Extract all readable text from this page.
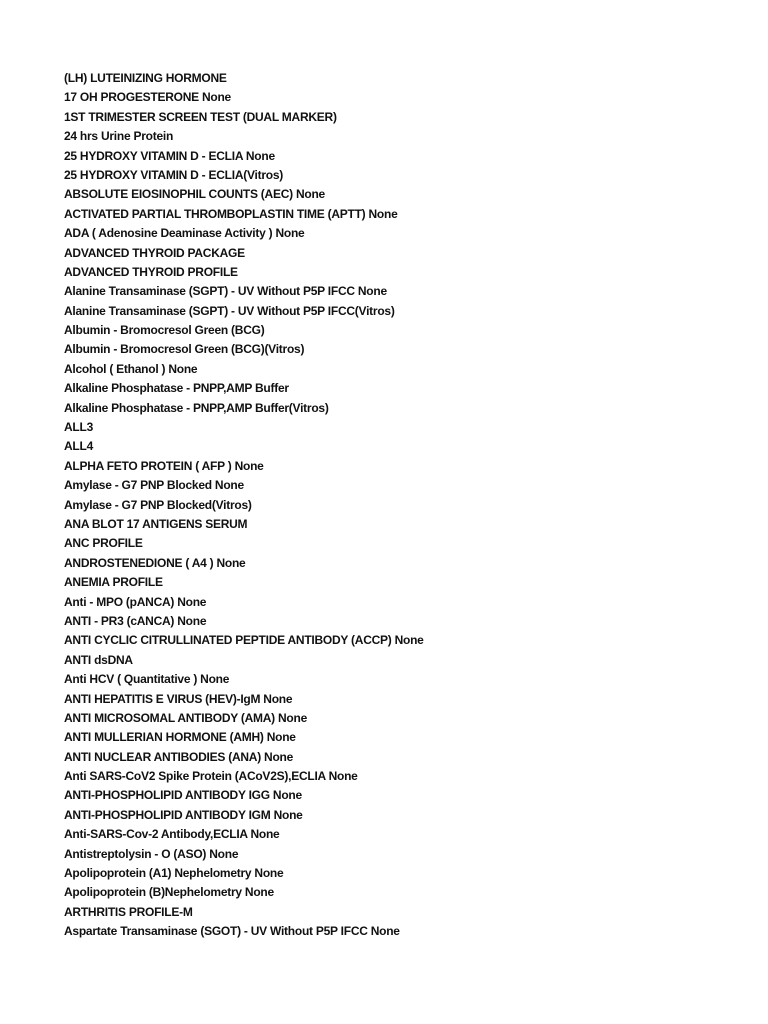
(LH) LUTEINIZING HORMONE
17 OH PROGESTERONE None
1ST TRIMESTER SCREEN TEST (DUAL MARKER)
24 hrs Urine Protein
25 HYDROXY VITAMIN D - ECLIA None
25 HYDROXY VITAMIN D - ECLIA(Vitros)
ABSOLUTE EIOSINOPHIL COUNTS (AEC) None
ACTIVATED PARTIAL THROMBOPLASTIN TIME (APTT) None
ADA ( Adenosine Deaminase Activity ) None
ADVANCED THYROID PACKAGE
ADVANCED THYROID PROFILE
Alanine Transaminase (SGPT) - UV Without P5P IFCC None
Alanine Transaminase (SGPT) - UV Without P5P IFCC(Vitros)
Albumin - Bromocresol Green (BCG)
Albumin - Bromocresol Green (BCG)(Vitros)
Alcohol ( Ethanol ) None
Alkaline Phosphatase - PNPP,AMP Buffer
Alkaline Phosphatase - PNPP,AMP Buffer(Vitros)
ALL3
ALL4
ALPHA FETO PROTEIN ( AFP ) None
Amylase - G7 PNP Blocked None
Amylase - G7 PNP Blocked(Vitros)
ANA BLOT 17 ANTIGENS SERUM
ANC PROFILE
ANDROSTENEDIONE ( A4 ) None
ANEMIA PROFILE
Anti - MPO (pANCA) None
ANTI - PR3 (cANCA) None
ANTI CYCLIC CITRULLINATED PEPTIDE ANTIBODY (ACCP) None
ANTI dsDNA
Anti HCV ( Quantitative ) None
ANTI HEPATITIS E VIRUS (HEV)-IgM None
ANTI MICROSOMAL ANTIBODY (AMA) None
ANTI MULLERIAN HORMONE (AMH) None
ANTI NUCLEAR ANTIBODIES (ANA) None
Anti SARS-CoV2 Spike Protein (ACoV2S),ECLIA None
ANTI-PHOSPHOLIPID ANTIBODY IGG None
ANTI-PHOSPHOLIPID ANTIBODY IGM None
Anti-SARS-Cov-2 Antibody,ECLIA None
Antistreptolysin - O (ASO) None
Apolipoprotein (A1) Nephelometry None
Apolipoprotein (B)Nephelometry None
ARTHRITIS PROFILE-M
Aspartate Transaminase (SGOT) - UV Without P5P IFCC None
